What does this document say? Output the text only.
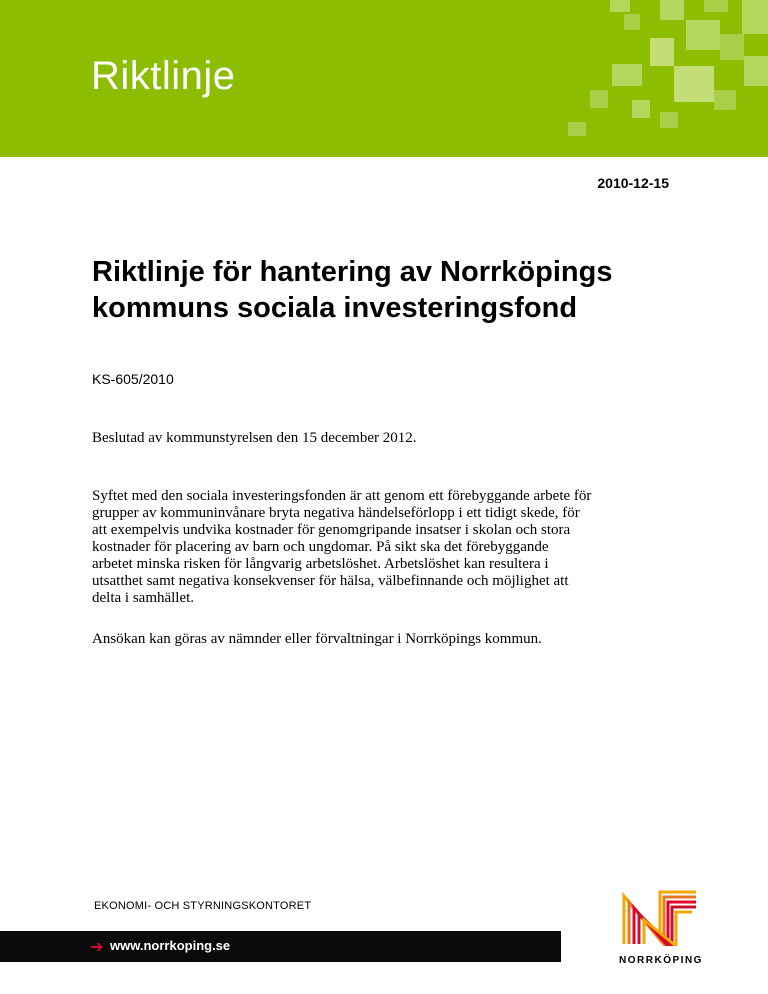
Riktlinje
2010-12-15
Riktlinje för hantering av Norrköpings kommuns sociala investeringsfond
KS-605/2010

Beslutad av kommunstyrelsen den 15 december 2012.

Syftet med den sociala investeringsfonden är att genom ett förebyggande arbete för grupper av kommuninvånare bryta negativa händelseförlopp i ett tidigt skede, för att exempelvis undvika kostnader för genomgripande insatser i skolan och stora kostnader för placering av barn och ungdomar. På sikt ska det förebyggande arbetet minska risken för långvarig arbetslöshet. Arbetslöshet kan resultera i utsatthet samt negativa konsekvenser för hälsa, välbefinnande och möjlighet att delta i samhället.

Ansökan kan göras av nämnder eller förvaltningar i Norrköpings kommun.

EKONOMI- OCH STYRNINGSKONTORET
➔ www.norrkoping.se
NORRKÖPING
